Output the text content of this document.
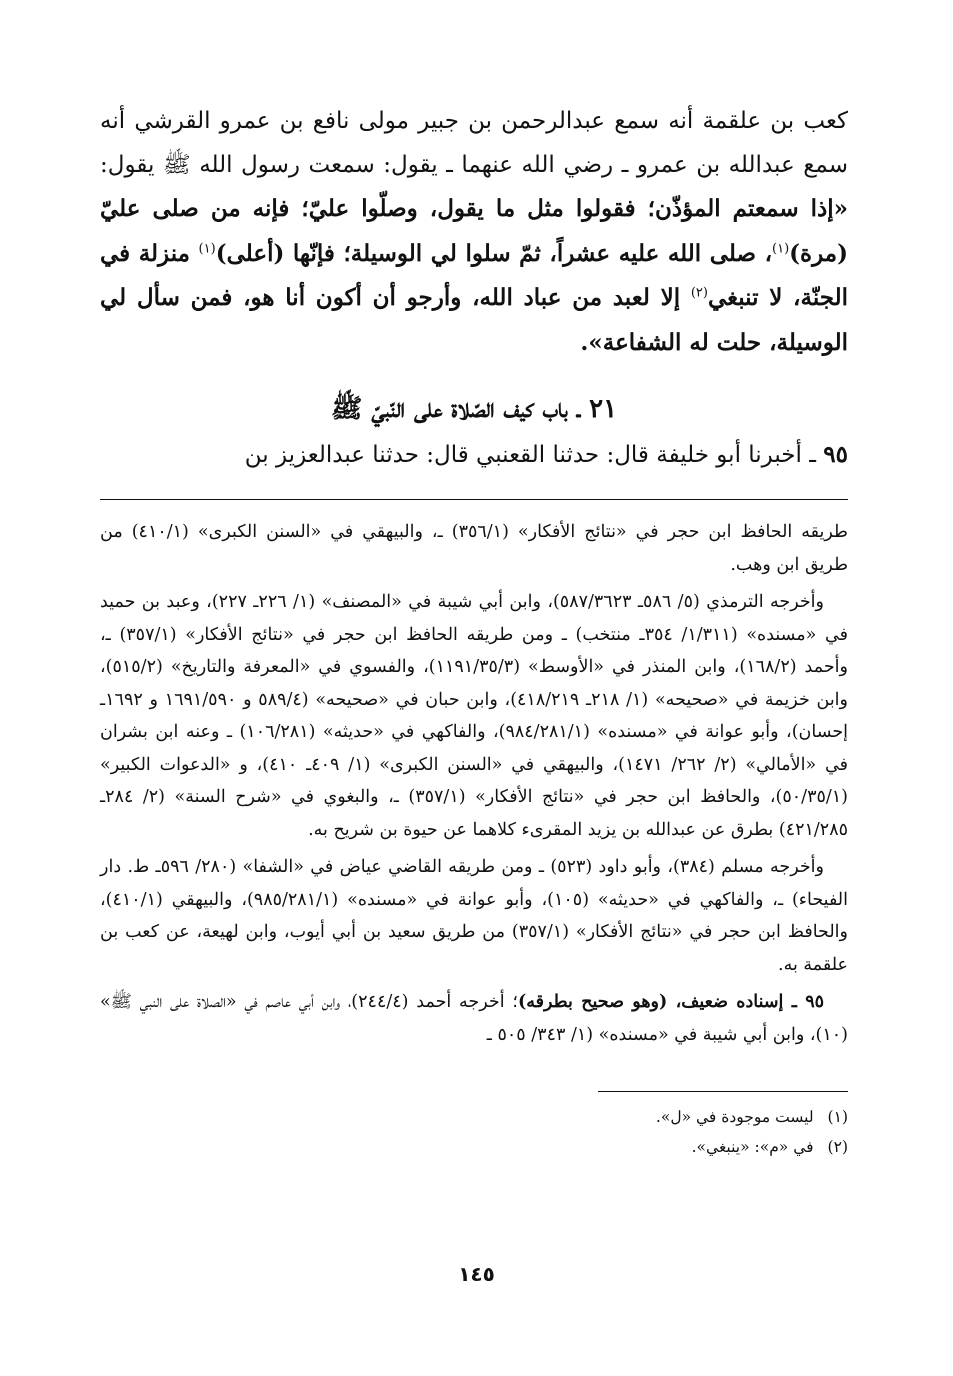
كعب بن علقمة أنه سمع عبدالرحمن بن جبير مولى نافع بن عمرو القرشي أنه سمع عبدالله بن عمرو ـ رضي الله عنهما ـ يقول: سمعت رسول الله ﷺ يقول: «إذا سمعتم المؤذّن؛ فقولوا مثل ما يقول، وصلّوا عليّ؛ فإنه من صلى عليّ (مرة)$^{(١)}$، صلى الله عليه عشراً، ثمّ سلوا لي الوسيلة؛ فإنّها (أعلى)$^{(١)}$ منزلة في الجنّة، لا تنبغي$^{(٢)}$ إلا لعبد من عباد الله، وأرجو أن أكون أنا هو، فمن سأل لي الوسيلة، حلت له الشفاعة».

٢١ ـ باب كيف الصّلاة على النّبيّ ﷺ

٩٥ ـ أخبرنا أبو خليفة قال: حدثنا القعنبي قال: حدثنا عبدالعزيز بن

طريقه الحافظ ابن حجر في «نتائج الأفكار» (٣٥٦/١) ـ، والبيهقي في «السنن الكبرى» (٤١٠/١) من طريق ابن وهب.

وأخرجه الترمذي (٥/ ٥٨٦ـ ٥٨٧/٣٦٢٣)، وابن أبي شيبة في «المصنف» (١/ ٢٢٦ـ ٢٢٧)، وعبد بن حميد في «مسنده» (١/٣١١/ ٣٥٤ـ منتخب) ـ ومن طريقه الحافظ ابن حجر في «نتائج الأفكار» (٣٥٧/١) ـ، وأحمد (١٦٨/٢)، وابن المنذر في «الأوسط» (١١٩١/٣٥/٣)، والفسوي في «المعرفة والتاريخ» (٥١٥/٢)، وابن خزيمة في «صحيحه» (١/ ٢١٨ـ ٤١٨/٢١٩)، وابن حبان في «صحيحه» (٥٨٩/٤ و ١٦٩١/٥٩٠ و ١٦٩٢ـ إحسان)، وأبو عوانة في «مسنده» (٩٨٤/٢٨١/١)، والفاكهي في «حديثه» (١٠٦/٢٨١) ـ وعنه ابن بشران في «الأمالي» (٢/ ٢٦٢/ ١٤٧١)، والبيهقي في «السنن الكبرى» (١/ ٤٠٩ـ ٤١٠)، و «الدعوات الكبير» (٥٠/٣٥/١)، والحافظ ابن حجر في «نتائج الأفكار» (٣٥٧/١) ـ، والبغوي في «شرح السنة» (٢/ ٢٨٤ـ ٤٢١/٢٨٥) بطرق عن عبدالله بن يزيد المقرىء كلاهما عن حيوة بن شريح به.

وأخرجه مسلم (٣٨٤)، وأبو داود (٥٢٣) ـ ومن طريقه القاضي عياض في «الشفا» (٢٨٠/ ٥٩٦ـ ط. دار الفيحاء) ـ، والفاكهي في «حديثه» (١٠٥)، وأبو عوانة في «مسنده» (٩٨٥/٢٨١/١)، والبيهقي (٤١٠/١)، والحافظ ابن حجر في «نتائج الأفكار» (٣٥٧/١) من طريق سعيد بن أبي أيوب، وابن لهيعة، عن كعب بن علقمة به.

٩٥ ـ إسناده ضعيف، (وهو صحيح بطرقه)؛ أخرجه أحمد (٢٤٤/٤)، وابن أبي عاصم في «الصلاة على النبي ﷺ» (١٠)، وابن أبي شيبة في «مسنده» (١/ ٣٤٣/ ٥٠٥ ـ

(١)ليست موجودة في «ل».

(٢)في «م»: «ينبغي».

١٤٥
